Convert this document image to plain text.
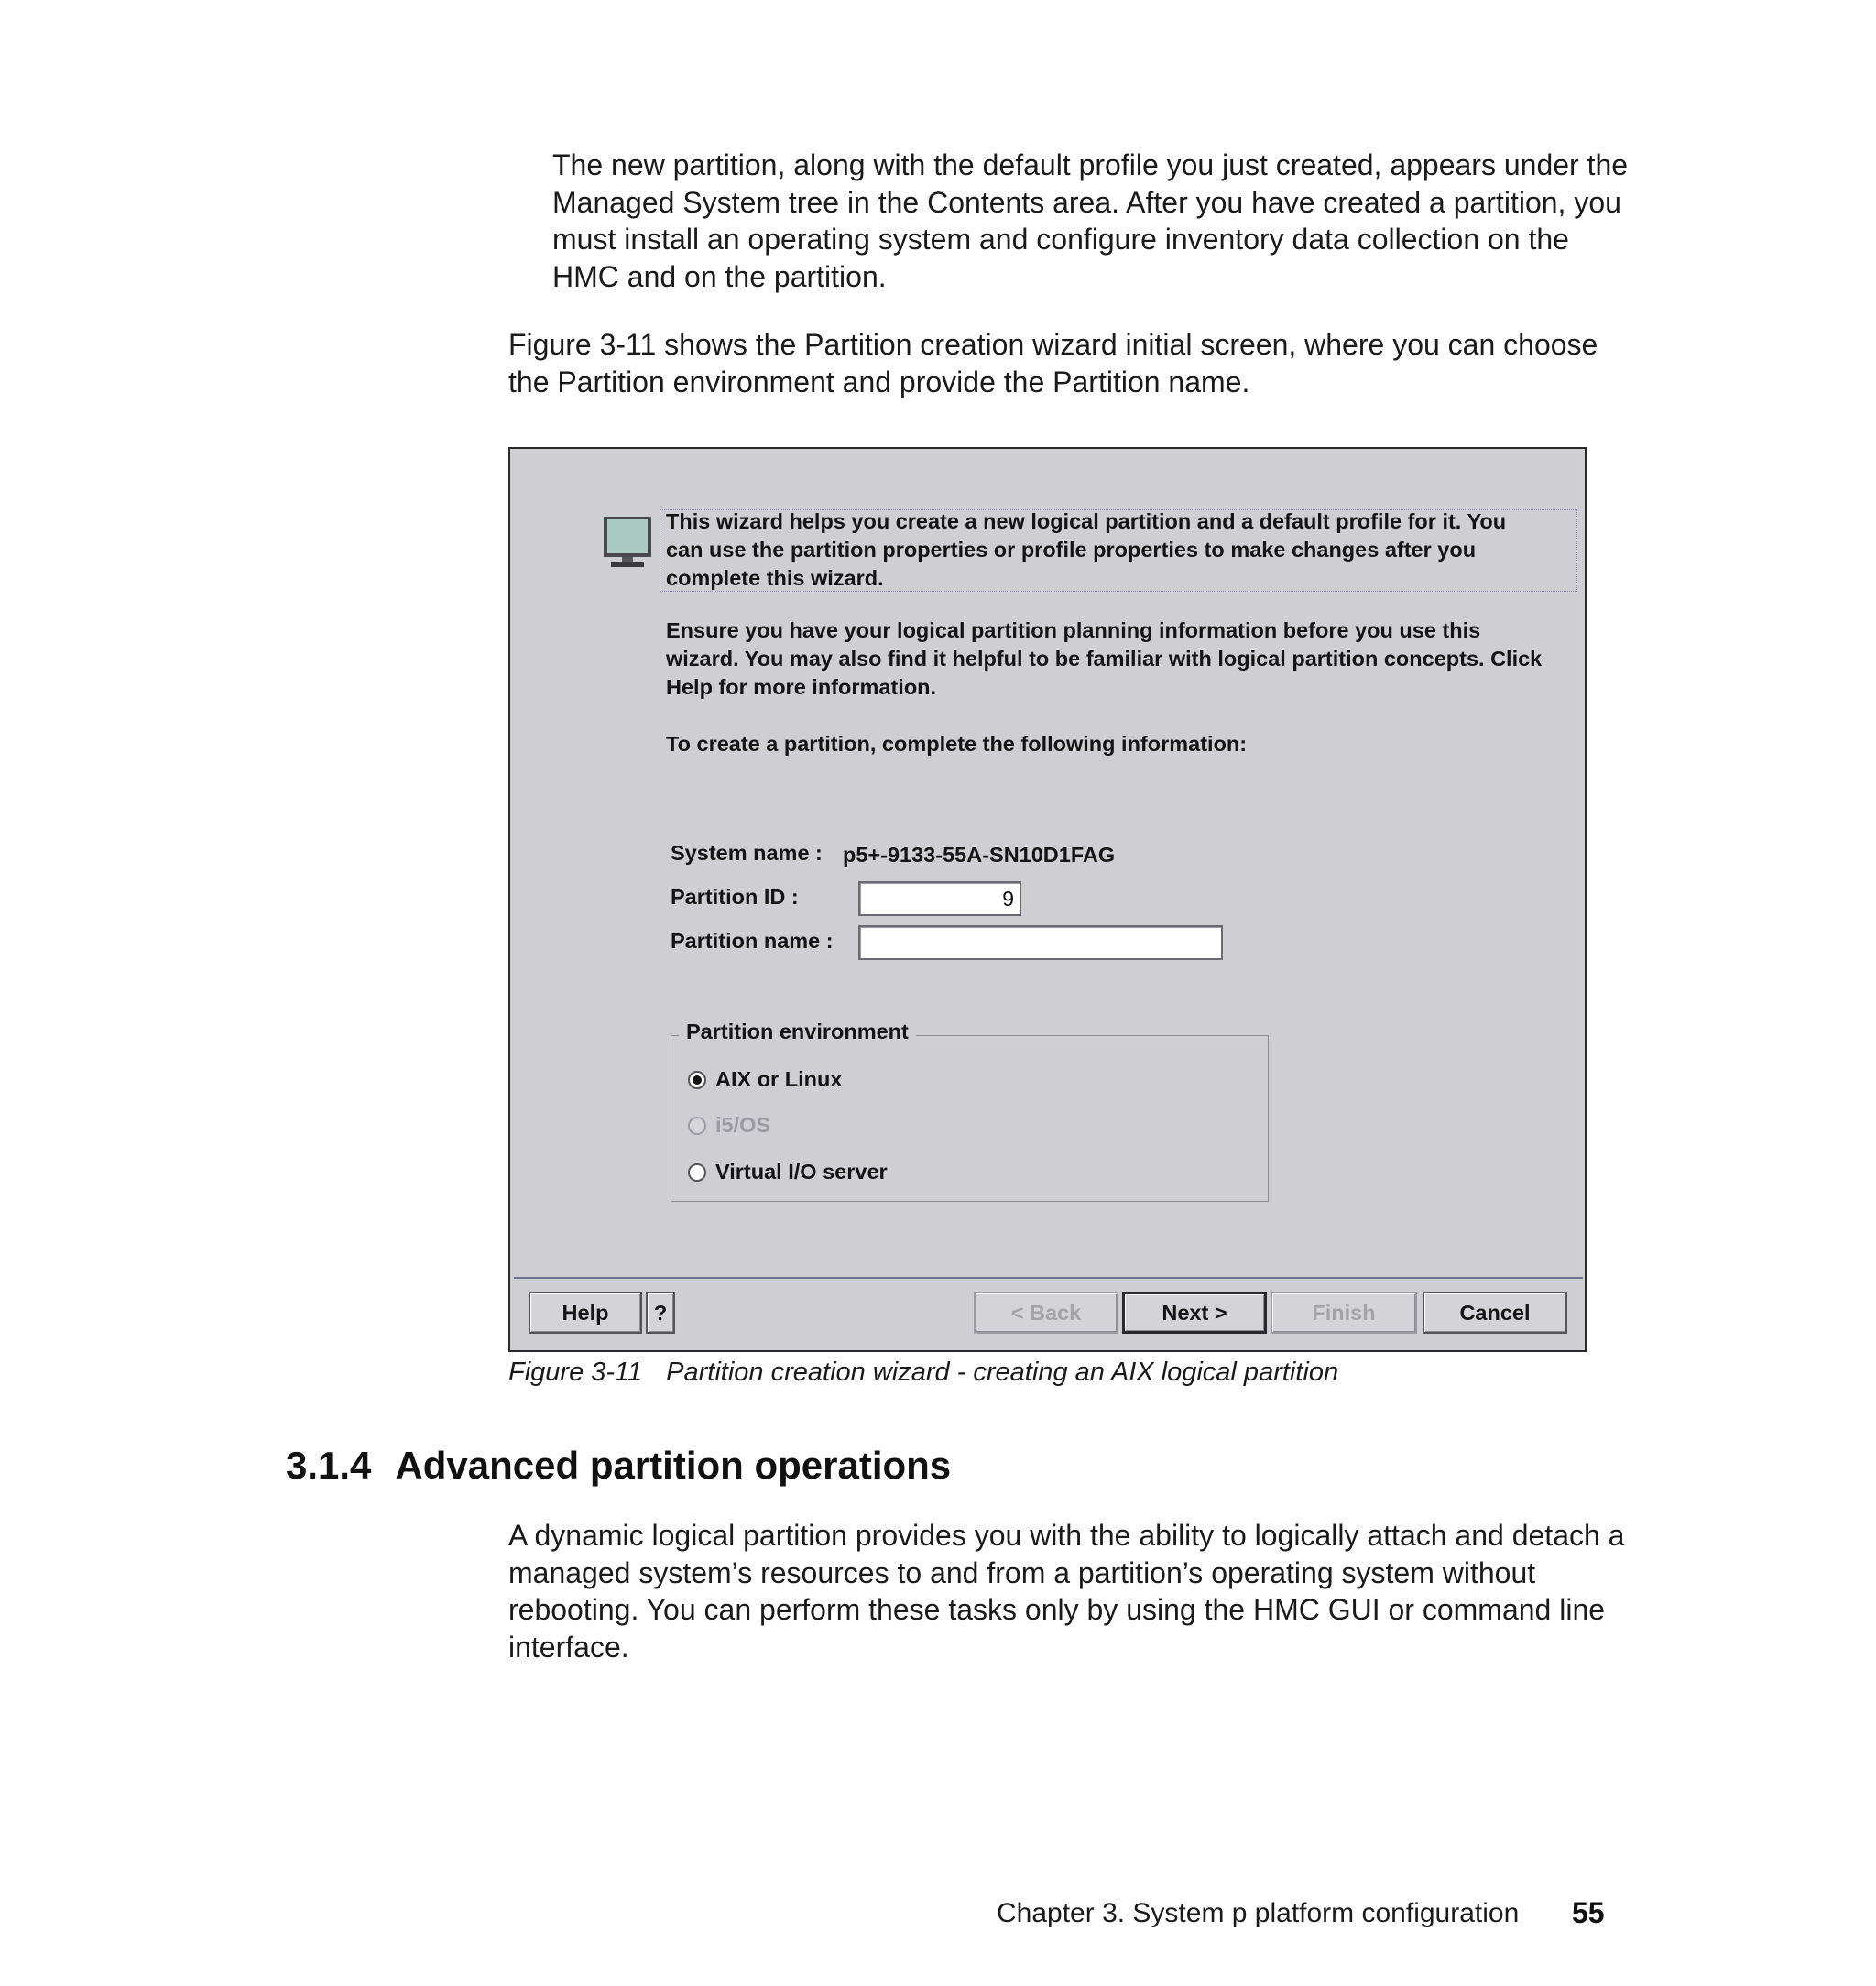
The new partition, along with the default profile you just created, appears under the Managed System tree in the Contents area. After you have created a partition, you must install an operating system and configure inventory data collection on the HMC and on the partition.

Figure 3-11 shows the Partition creation wizard initial screen, where you can choose the Partition environment and provide the Partition name.

This wizard helps you create a new logical partition and a default profile for it. You can use the partition properties or profile properties to make changes after you complete this wizard.
Ensure you have your logical partition planning information before you use this wizard. You may also find it helpful to be familiar with logical partition concepts. Click Help for more information.
To create a partition, complete the following information:
System name : p5+-9133-55A-SN10D1FAG
Partition ID :	9
Partition name :
Partition environment
AIX or Linux
i5/OS
Virtual I/O server
Help	?	< Back	Next >	Finish	Cancel
Figure 3-11 Partition creation wizard - creating an AIX logical partition
3.1.4 Advanced partition operations

A dynamic logical partition provides you with the ability to logically attach and detach a managed system’s resources to and from a partition’s operating system without rebooting. You can perform these tasks only by using the HMC GUI or command line interface.

Chapter 3. System p platform configuration 55
